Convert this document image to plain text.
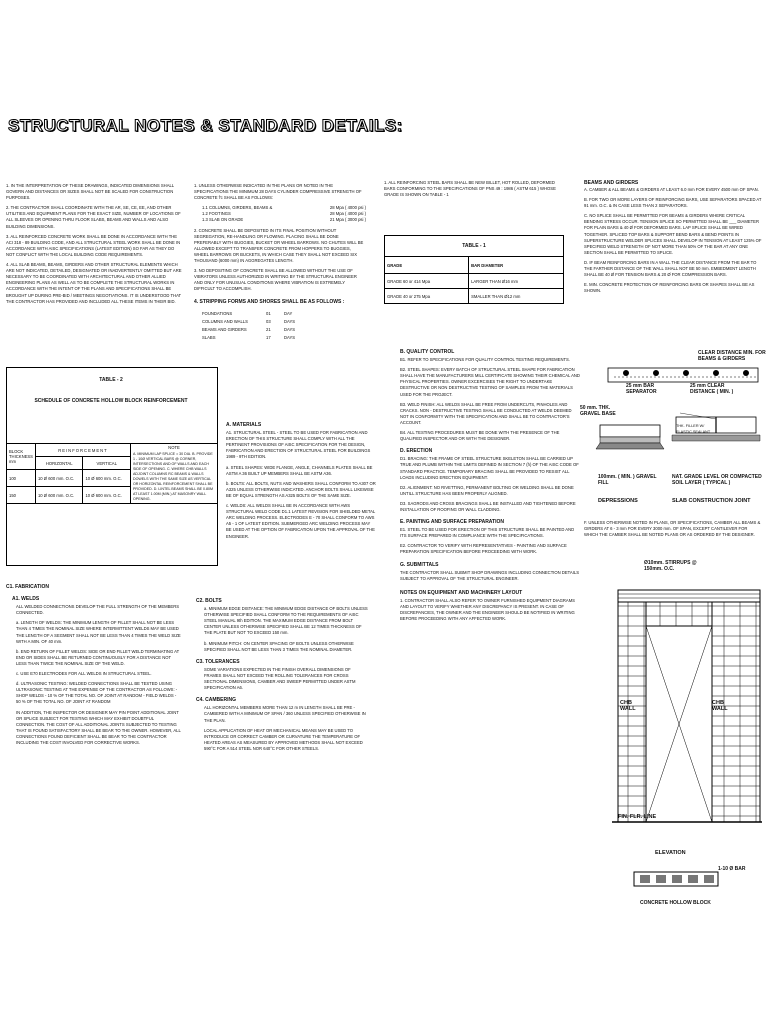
STRUCTURAL NOTES & STANDARD DETAILS:

1. IN THE INTERPRETATION OF THESE DRAWINGS, INDICATED DIMENSIONS SHALL GOVERN AND DISTANCES OR SIZES SHALL NOT BE SCALED FOR CONSTRUCTION PURPOSES.

2. THE CONTRACTOR SHALL COORDINATE WITH THE AR, SE, CE, EE, AND OTHER UTILITIES AND EQUIPMENT PLANS FOR THE EXACT SIZE, NUMBER OF LOCATIONS OF ALL SLEEVES OR OPENING THRU FLOOR SLABS, BEAMS AND WALLS AND ALSO BUILDING DIMENSIONS.

3. ALL REINFORCED CONCRETE WORK SHALL BE DONE IN ACCORDANCE WITH THE ACI 318 - 89 BUILDING CODE, AND ALL STRUCTURAL STEEL WORK SHALL BE DONE IN ACCORDANCE WITH AISC SPECIFICATIONS (LATEST EDITION) SO FAR AS THEY DO NOT CONFLICT WITH THE LOCAL BUILDING CODE REQUIREMENTS.

4. ALL SLAB BEAMS, BEAMS, GIRDERS AND OTHER STRUCTURAL ELEMENTS WHICH ARE NOT INDICATED, DETAILED, DESIGNATED OR INADVERTENTLY OMITTED BUT ARE NECESSARY TO BE COORDINATED WITH ARCHITECTURAL AND OTHER ALLIED ENGINEERING PLANS AS WELL AS TO BE COMPLETE THE STRUCTURAL WORKS IN ACCORDANCE WITH THE INTENT OF THE PLANS AND SPECIFICATIONS SHALL BE BROUGHT UP DURING PRE-BID / MEETINGS NEGOTIATIONS. IT IS UNDERSTOOD THAT THE CONTRACTOR HAS PROVIDED AND INCLUDED ALL THESE ITEMS IN THEIR BID.

1. UNLESS OTHERWISE INDICATED IN THE PLANS OR NOTED IN THE SPECIFICATIONS THE MINIMUM 28 DAYS CYLINDER COMPRESSIVE STRENGTH OF CONCRETE f'c SHALL BE AS FOLLOWS:

1.1 COLUMNS, GIRDERS, BEAMS &	28 Mpa ( 4000 psi )
1.2 FOOTINGS	28 Mpa ( 4000 psi )
1.3 SLAB ON GRADE	21 Mpa ( 3000 psi )

2. CONCRETE SHALL BE DEPOSITED IN ITS FINAL POSITION WITHOUT SEGREGATION, RE-HANDLING OR FLOWING. PLACING SHALL BE DONE PREFERABLY WITH BUGGIES, BUCKET OR WHEEL BARROWS. NO CHUTES WILL BE ALLOWED EXCEPT TO TRANSFER CONCRETE FROM HOPPERS TO BUGGIES, WHEEL BARROWS OR BUCKETS, IN WHICH CASE THEY SHALL NOT EXCEED SIX THOUSAND (6000 mm) IN AGGREGATES LENGTH.

3. NO DEPOSITING OF CONCRETE SHALL BE ALLOWED WITHOUT THE USE OF VIBRATORS UNLESS AUTHORIZED IN WRITING BY THE STRUCTURAL ENGINEER AND ONLY FOR UNUSUAL CONDITIONS WHERE VIBRATION IS EXTREMELY DIFFICULT TO ACCOMPLISH.

4. STRIPPING FORMS AND SHORES SHALL BE AS FOLLOWS :
FOUNDATIONS	01	DAY
COLUMNS AND WALLS	03	DAYS
BEAMS AND GIRDERS	21	DAYS
SLABS	17	DAYS
1. ALL REINFORCING STEEL BARS SHALL BE NEW BILLET, HOT ROLLED, DEFORMED BARS CONFORMING TO THE SPECIFICATIONS OF PNS 49 : 1986 ( ASTM 615 ) WHOSE GRADE IS SHOWN ON TABLE - 1
TABLE - 1	
GRADE	BAR DIAMETER
GRADE 60 or 414 Mpa	LARGER THAN Ø16 mm
GRADE 40 or 275 Mpa	SMALLER THAN Ø12 mm
BEAMS AND GIRDERS

A. CAMBER & ALL BEAMS & GIRDERS AT LEAST 6.0 mm FOR EVERY 4500 mm OF SPAN.

B. FOR TWO OR MORE LAYERS OF REINFORCING BARS, USE SEPARATORS SPACED AT 91 mm. O.C. & IN CASE LESS THAN 2 SEPARATORS.

C. NO SPLICE SHALL BE PERMITTED FOR BEAMS & GIRDERS WHERE CRITICAL BENDING STRESS OCCUR. TENSION SPLICE SO PERMITTED SHALL BE ___ DIAMETER FOR PLAIN BARS & 40 Ø FOR DEFORMED BARS. LAP SPLICE SHALL BE WIRED TOGETHER. SPLICED TOP BARS & SUPPORT BEND BARS & BEND POINTS IN SUPERSTRUCTURE WELDER SPLICES SHALL DEVELOP IN TENSION AT LEAST 125% OF SPECIFIED WELD STRENGTH OF NOT MORE THAN 50% OF THE BAR AT ANY ONE SECTION SHALL BE PERMITTED TO SPLICE.

D. IF BEAM REINFORCING BARS IN A WALL THE CLEAR DISTANCE FROM THE BAR TO THE FARTHER DISTANCE OF THE WALL SHALL NOT BE 50 mm. EMBEDMENT LENGTH SHALL BE 40 Ø FOR TENSION BARS & 20 Ø FOR COMPRESSION BARS.

E. MIN. CONCRETE PROTECTION OF REINFORCING BARS OR SHAPES SHALL BE AS SHOWN.

CLEAR DISTANCE MIN. FOR BEAMS & GIRDERS
25 mm BAR SEPARATOR
25 mm CLEAR DISTANCE ( MIN. )
50 mm. THK. GRAVEL BASE
THK. FILLER W/ ELASTIC SEALANT
100mm. ( MIN. ) GRAVEL FILL
NAT. GRADE LEVEL OR COMPACTED SOIL LAYER ( TYPICAL )
DEPRESSIONS	SLAB CONSTRUCTION JOINT
F. UNLESS OTHERWISE NOTED IN PLANS, OR SPECIFICATIONS, CAMBER ALL BEAMS & GIRDERS AT 6 - 3 mm FOR EVERY 3000 mm. OF SPAN, EXCEPT CANTILEVER FOR WHICH THE CAMBER SHALL BE NOTED PLANS OR AS ORDERED BY THE DESIGNER.
Ø10mm. STIRRUPS @ 150mm. O.C.
CHB WALL
CHB WALL
FIN. FLR. LINE
ELEVATION
1-10 Ø BAR
CONCRETE HOLLOW BLOCK
TABLE - 2
SCHEDULE OF CONCRETE HOLLOW BLOCK REINFORCEMENT
BLOCK THICKNESS mm	REINFORCEMENT		NOTE
A. MINIMUM LAP SPLICE = 30 DIA. B. PROVIDE 1 - 10Ø VERTICAL BARS @ CORNER, INTERSECTIONS AND OF WALLS AND EACH SIDE OF OPENING. C. WHERE CHB WALLS ADJOINT COLUMNS RC BEAMS & WALLS DOWELS WITH THE SAME SIZE AS VERTICAL OR HORIZONTAL REINFORCEMENT SHALL BE PROVIDED. D. LINTEL BEAMS SHALL BE 0.80M AT LEAST 1.00M (MIN.) AT MASONRY WALL OPENING.

	HORIZONTAL	VERTICAL	
100	10 Ø 600 mm. O.C.	10 Ø 600 mm. O.C.	
150	10 Ø 600 mm. O.C.	10 Ø 600 mm. O.C.	
A. MATERIALS

A1. STRUCTURAL STEEL - STEEL TO BE USED FOR FABRICATION AND ERECTION OF THIS STRUCTURE SHALL COMPLY WITH ALL THE PERTINENT PROVISIONS OF AISC SPECIFICATION FOR THE DESIGN, FABRICATION AND ERECTION OF STRUCTURAL STEEL FOR BUILDINGS 1989 - 9TH EDITION.

a. STEEL SHAPES: WIDE FLANGE, ANGLE, CHANNELS PLATES SHALL BE ASTM A 36 BUILT UP MEMBERS SHALL BE ASTM A36.

b. BOLTS: ALL BOLTS, NUTS AND WASHERS SHALL CONFORM TO A307 OR A325 UNLESS OTHERWISE INDICATED. ANCHOR BOLTS SHALL LIKEWISE BE OF EQUAL STRENGTH AS A325 BOLTS OF THE SAME SIZE.

c. WELDS: ALL WELDS SHALL BE IN ACCORDANCE WITH AWS STRUCTURAL WELD CODE D1.1 LATEST REVISION FOR SHIELDED METAL ARC WELDING PROCESS. ELECTRODES E - 70 SHALL CONFORM TO AWS A5 - 1 OF LATEST EDITION. SUBMERGED ARC WELDING PROCESS MAY BE USED AT THE OPTION OF FABRICATION UPON THE APPROVAL OF THE ENGINEER.

B. QUALITY CONTROL

B1. REFER TO SPECIFICATIONS FOR QUALITY CONTROL TESTING REQUIREMENTS.

B2. STEEL SHAPES: EVERY BATCH OF STRUCTURAL STEEL SHAPE FOR FABRICATION SHALL HAVE THE MANUFACTURERS MILL CERTIFICATE SHOWING THEIR CHEMICAL AND PHYSICAL PROPERTIES. OWNER EXCERCISES THE RIGHT TO UNDERTAKE DESTRUCTIVE OR NON DESTRUCTIVE TESTING OF SAMPLES FROM THE MATERIALS USED FOR THE PROJECT.

B3. WELD FINISH: ALL WELDS SHALL BE FREE FROM UNDERCUTS, PINHOLES AND CRACKS. NON - DESTRUCTIVE TESTING SHALL BE CONDUCTED AT WELDS DEEMED NOT IN CONFORMITY WITH THE SPECIFICATION AND SHALL BE TO CONTRACTOR'S ACCOUNT.

B4. ALL TESTING PROCEDURES MUST BE DONE WITH THE PRESENCE OF THE QUALIFIED INSPECTOR AND OR WITH THE DESIGNER.

D. ERECTION

D1. BRACING: THE FRAME OF STEEL STRUCTURE SKELETON SHALL BE CARRIED UP TRUE AND PLUMB WITHIN THE LIMITS DEFINED IN SECTION 7 (h) OF THE AISC CODE OF STANDARD PRACTICE. TEMPORARY BRACING SHALL BE PROVIDED TO RESIST ALL LOADS INCLUDING ERECTION EQUIPMENT.

D2. ALIGNMENT: NO RIVETTING, PERMANENT BOLTING OR WELDING SHALL BE DONE UNTILL STRUCTURE HAS BEEN PROPERLY ALIGNED.

D3. SAGRODS AND CROSS BRACINGS SHALL BE INSTALLED AND TIGHTENED BEFORE INSTALLATION OF ROOFING OR WALL CLADDING.

E. PAINTING AND SURFACE PREPARATION

E1. STEEL TO BE USED FOR ERECTION OF THIS STRUCTURE SHALL BE PAINTED AND ITS SURFACE PREPARED IN COMPLIANCE WITH THE SPECIFICATIONS.

E2. CONTRACTOR TO VERIFY WITH REPRESENTATIVES - PAINTING AND SURFACE PREPARATION SPECIFICATION BEFORE PROCEEDING WITH WORK.

G. SUBMITTALS

THE CONTRACTOR SHALL SUBMIT SHOP DRAWINGS INCLUDING CONNECTION DETAILS SUBJECT TO APPROVAL OF THE STRUCTURAL ENGINEER.

NOTES ON EQUIPMENT AND MACHINERY LAYOUT

1. CONTRACTOR SHALL ALSO REFER TO OWNER FURNISHED EQUIPMENT DIAGRAMS AND LAYOUT TO VERIFY WHETHER ANY DISCREPANCY IS PRESENT. IN CASE OF DISCREPANCIES, THE OWNER AND THE ENGINEER SHOULD BE NOTIFIED IN WRITING BEFORE PROCEEDING WITH ANY AFFECTED WORK.

C1. FABRICATION
A1. WELDS

ALL WELDED CONNECTIONS DEVELOP THE FULL STRENGTH OF THE MEMBERS CONNECTED.

a. LENGTH OF WELDS: THE MINIMUM LENGTH OF FILLET SHALL NOT BE LESS THAN 4 TIMES THE NOMINAL SIZE WHERE INTERMITTENT WELDS MAY BE USED THE LENGTH OF A SEGMENT SHALL NOT BE LESS THAN 4 TIMES THE WELD SIZE WITH A MIN. OF 40 mm.

b. END RETURN OF FILLET WELDS: SIDE OR END FILLET WELD TERMINATING AT END OR SIDES SHALL BE RETURNED CONTINUOUSLY FOR A DISTANCE NOT LESS THAN TWICE THE NOMINAL SIZE OF THE WELD.

c. USE E70 ELECTRODES FOR ALL WELDS IN STRUCTURAL STEEL.

d. ULTRASONIC TESTING: WELDED CONNECTIONS SHALL BE TESTED USING ULTRASONIC TESTING AT THE EXPENSE OF THE CONTRACTOR AS FOLLOWS: - SHOP WELDS - 10 % OF THE TOTAL NO. OF JOINT AT RANDOM - FIELD WELDS - 50 % OF THE TOTAL NO. OF JOINT AT RANDOM

IN ADDITION, THE INSPECTOR OR DESIGNER MAY PIN POINT ADDITIONAL JOINT OR SPLICE SUBJECT FOR TESTING WHICH MAY EXHIBIT DOUBTFUL CONNECTION. THE COST OF ALL ADDITIONAL JOINTS SUBJECTED TO TESTING THAT IS FOUND SATISFACTORY SHALL BE BEAR TO THE OWNER. HOWEVER, ALL CONNECTIONS FOUND DEFICIENT SHALL BE BEAR TO THE CONTRACTOR INCLUDING THE COST INVOLVED FOR CORRECTIVE WORKS.

C2. BOLTS

a. MINIMUM EDGE DISTANCE: THE MINIMUM EDGE DISTANCE OF BOLTS UNLESS OTHERWISE SPECIFIED SHALL CONFORM TO THE REQUIREMENTS OF AISC STEEL MANUAL 9th EDITION. THE MAXIMUM EDGE DISTANCE FROM BOLT CENTER UNLESS OTHERWISE SPECIFIED SHALL BE 12 TIMES THICKNESS OF THE PLATE BUT NOT TO EXCEED 150 mm.

b. MINIMUM PITCH: ON CENTER SPACING OF BOLTS UNLESS OTHERWISE SPECIFIED SHALL NOT BE LESS THAN 3 TIMES THE NOMINAL DIAMETER.

C3. TOLERANCES

SOME VARIATIONS EXPECTED IN THE FINISH OVERALL DIMENSIONS OF FRAMES SHALL NOT EXCEED THE ROLLING TOLERANCES FOR CROSS SECTIONAL DIMENSIONS, CAMBER AND SWEEP PERMITTED UNDER ASTM SPECIFICATION A6.

C4. CAMBERING

ALL HORIZONTAL MEMBERS MORE THAN 12 m IN LENGTH SHALL BE PRE - CAMBERED WITH A MINIMUM OF SPAN / 360 UNLESS SPECIFIED OTHERWISE IN THE PLAN.

LOCAL APPLICATION OF HEAT OR MECHANICAL MEANS MAY BE USED TO INTRODUCE OR CORRECT CAMBER OR CURVATURE THE TEMPERATURE OF HEATED AREAS AS MEASURED BY APPROVED METHODS SHALL NOT EXCEED 590°C FOR A 514 STEEL NOR 640°C FOR OTHER STEELS.
